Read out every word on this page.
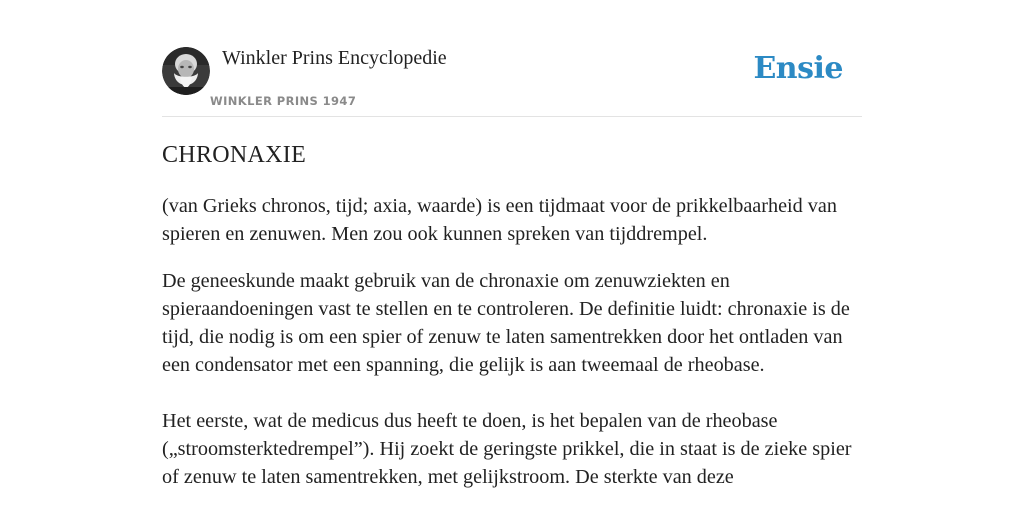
Winkler Prins Encyclopedie
WINKLER PRINS 1947
Ensie
CHRONAXIE

(van Grieks chronos, tijd; axia, waarde) is een tijdmaat voor de prikkelbaarheid van spieren en zenuwen. Men zou ook kunnen spreken van tijddrempel.

De geneeskunde maakt gebruik van de chronaxie om zenuwziekten en spieraandoeningen vast te stellen en te controleren. De definitie luidt: chronaxie is de tijd, die nodig is om een spier of zenuw te laten samentrekken door het ontladen van een condensator met een spanning, die gelijk is aan tweemaal de rheobase.

Het eerste, wat de medicus dus heeft te doen, is het bepalen van de rheobase („stroomsterktedrempel”). Hij zoekt de geringste prikkel, die in staat is de zieke spier of zenuw te laten samentrekken, met gelijkstroom. De sterkte van deze
